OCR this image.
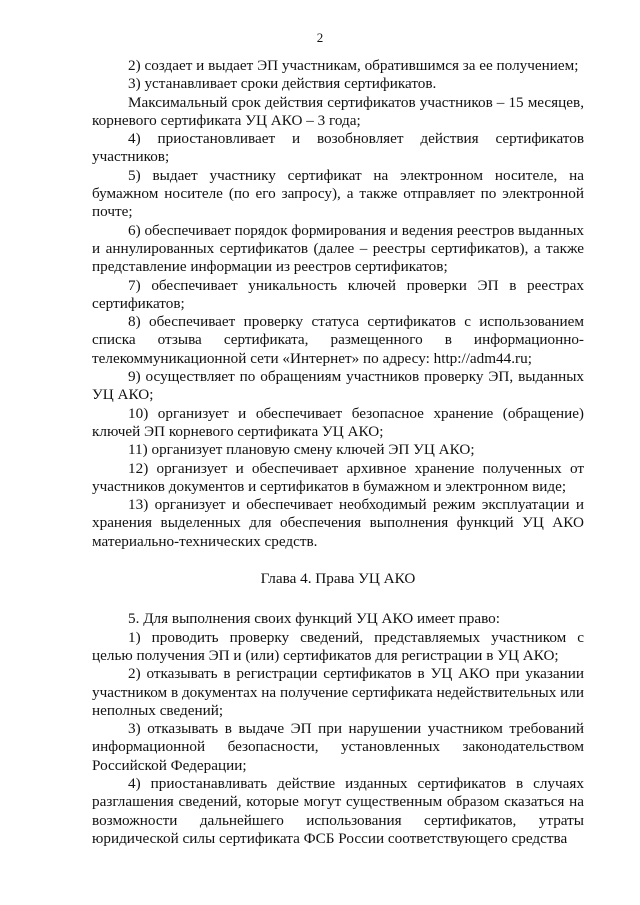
2

2) создает и выдает ЭП участникам, обратившимся за ее получением;

3) устанавливает сроки действия сертификатов.

Максимальный срок действия сертификатов участников – 15 месяцев, корневого сертификата УЦ АКО – 3 года;

4) приостановливает и возобновляет действия сертификатов участников;

5) выдает участнику сертификат на электронном носителе, на бумажном носителе (по его запросу), а также отправляет по электронной почте;

6) обеспечивает порядок формирования и ведения реестров выданных и аннулированных сертификатов (далее – реестры сертификатов), а также представление информации из реестров сертификатов;

7) обеспечивает уникальность ключей проверки ЭП в реестрах сертификатов;

8) обеспечивает проверку статуса сертификатов с использованием списка отзыва сертификата, размещенного в информационно-телекоммуникационной сети «Интернет» по адресу: http://adm44.ru;

9) осуществляет по обращениям участников проверку ЭП, выданных УЦ АКО;

10) организует и обеспечивает безопасное хранение (обращение) ключей ЭП корневого сертификата УЦ АКО;

11) организует плановую смену ключей ЭП УЦ АКО;

12) организует и обеспечивает архивное хранение полученных от участников документов и сертификатов в бумажном и электронном виде;

13) организует и обеспечивает необходимый режим эксплуатации и хранения выделенных для обеспечения выполнения функций УЦ АКО материально-технических средств.

Глава 4. Права УЦ АКО

5. Для выполнения своих функций УЦ АКО имеет право:

1) проводить проверку сведений, представляемых участником с целью получения ЭП и (или) сертификатов для регистрации в УЦ АКО;

2) отказывать в регистрации сертификатов в УЦ АКО при указании участником в документах на получение сертификата недействительных или неполных сведений;

3) отказывать в выдаче ЭП при нарушении участником требований информационной безопасности, установленных законодательством Российской Федерации;

4) приостанавливать действие изданных сертификатов в случаях разглашения сведений, которые могут существенным образом сказаться на возможности дальнейшего использования сертификатов, утраты юридической силы сертификата ФСБ России соответствующего средства
